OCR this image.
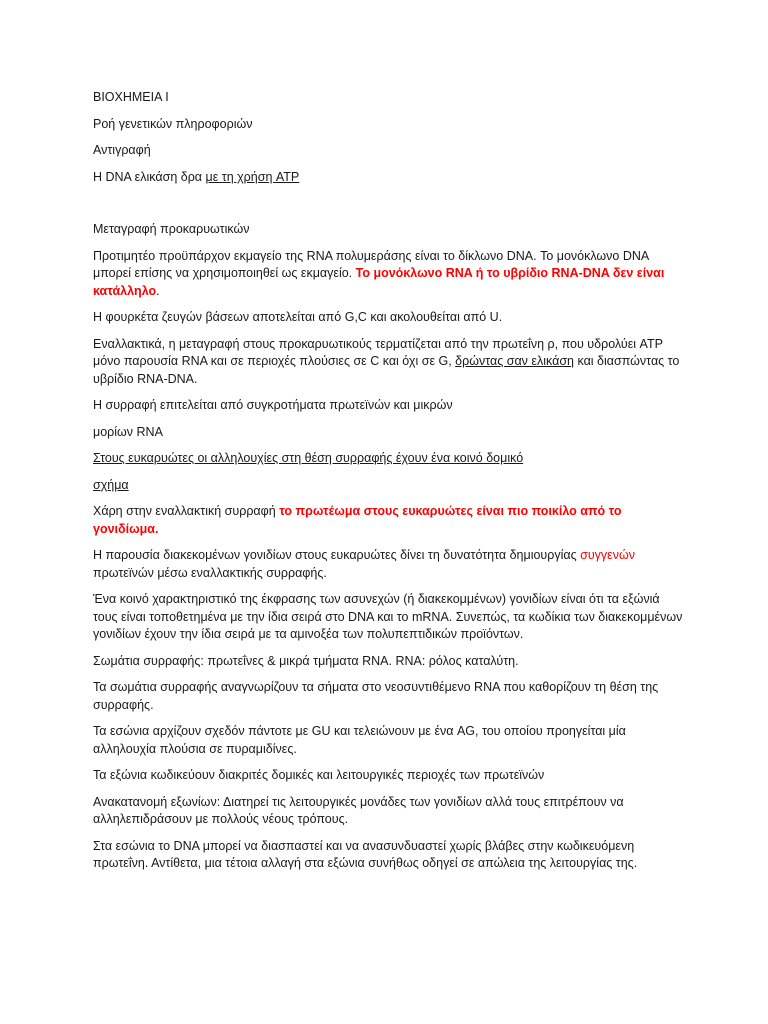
ΒΙΟΧΗΜΕΙΑ Ι

Ροή γενετικών πληροφοριών

Αντιγραφή

Η DNA ελικάση δρα με τη χρήση ATP

Μεταγραφή προκαρυωτικών

Προτιμητέο προϋπάρχον εκμαγείο της RNA πολυμεράσης είναι το δίκλωνο DNA. Το μονόκλωνο DNA μπορεί επίσης να χρησιμοποιηθεί ως εκμαγείο. Το μονόκλωνο RNA ή το υβρίδιο RNA-DNA δεν είναι κατάλληλο.

Η φουρκέτα ζευγών βάσεων αποτελείται από G,C και ακολουθείται από U.

Εναλλακτικά, η μεταγραφή στους προκαρυωτικούς τερματίζεται από την πρωτεΐνη ρ, που υδρολύει ATP μόνο παρουσία RNA και σε περιοχές πλούσιες σε C και όχι σε G, δρώντας σαν ελικάση και διασπώντας το υβρίδιο RNA-DNA.

Η συρραφή επιτελείται από συγκροτήματα πρωτεϊνών και μικρών

μορίων RNA

Στους ευκαρυώτες οι αλληλουχίες στη θέση συρραφής έχουν ένα κοινό δομικό

σχήμα

Χάρη στην εναλλακτική συρραφή το πρωτέωμα στους ευκαρυώτες είναι πιο ποικίλο από το γονιδίωμα.

Η παρουσία διακεκομένων γονιδίων στους ευκαρυώτες δίνει τη δυνατότητα δημιουργίας συγγενών πρωτεϊνών μέσω εναλλακτικής συρραφής.

Ένα κοινό χαρακτηριστικό της έκφρασης των ασυνεχών (ή διακεκομμένων) γονιδίων είναι ότι τα εξώνιά τους είναι τοποθετημένα με την ίδια σειρά στο DNA και το mRNA. Συνεπώς, τα κωδίκια των διακεκομμένων γονιδίων έχουν την ίδια σειρά με τα αμινοξέα των πολυπεπτιδικών προϊόντων.

Σωμάτια συρραφής: πρωτεΐνες & μικρά τμήματα RNA. RNA: ρόλος καταλύτη.

Τα σωμάτια συρραφής αναγνωρίζουν τα σήματα στο νεοσυντιθέμενο RNA που καθορίζουν τη θέση της συρραφής.

Τα εσώνια αρχίζουν σχεδόν πάντοτε με GU και τελειώνουν με ένα AG, του οποίου προηγείται μία αλληλουχία πλούσια σε πυραμιδίνες.

Τα εξώνια κωδικεύουν διακριτές δομικές και λειτουργικές περιοχές των πρωτεϊνών

Ανακατανομή εξωνίων: Διατηρεί τις λειτουργικές μονάδες των γονιδίων αλλά τους επιτρέπουν να αλληλεπιδράσουν με πολλούς νέους τρόπους.

Στα εσώνια το DNA μπορεί να διασπαστεί και να ανασυνδυαστεί χωρίς βλάβες στην κωδικευόμενη πρωτεΐνη. Αντίθετα, μια τέτοια αλλαγή στα εξώνια συνήθως οδηγεί σε απώλεια της λειτουργίας της.
